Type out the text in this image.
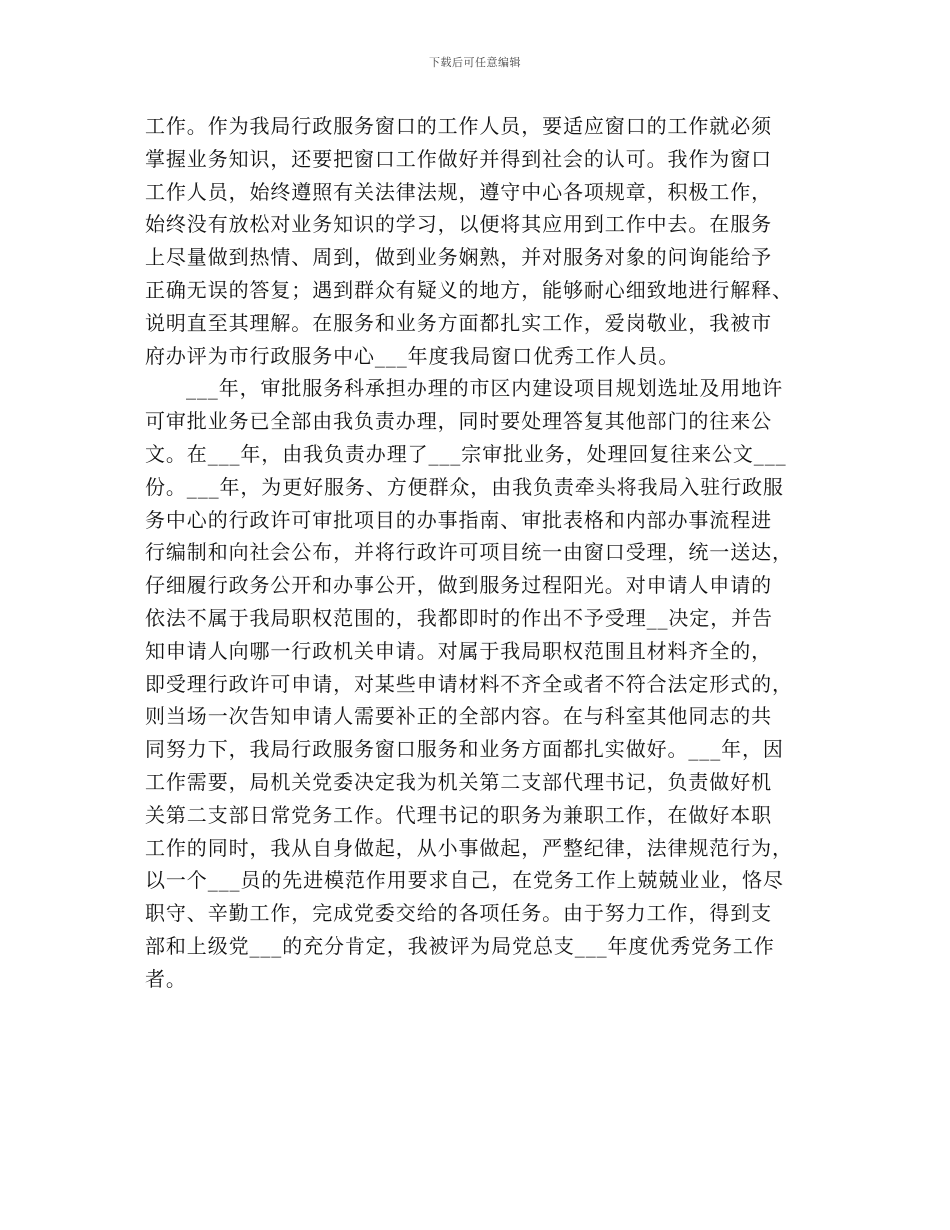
下载后可任意编辑
工作。作为我局行政服务窗口的工作人员，要适应窗口的工作就必须
掌握业务知识，还要把窗口工作做好并得到社会的认可。我作为窗口
工作人员，始终遵照有关法律法规，遵守中心各项规章，积极工作，
始终没有放松对业务知识的学习，以便将其应用到工作中去。在服务
上尽量做到热情、周到，做到业务娴熟，并对服务对象的问询能给予
正确无误的答复；遇到群众有疑义的地方，能够耐心细致地进行解释、
说明直至其理解。在服务和业务方面都扎实工作，爱岗敬业，我被市
府办评为市行政服务中心___年度我局窗口优秀工作人员。
___年，审批服务科承担办理的市区内建设项目规划选址及用地许
可审批业务已全部由我负责办理，同时要处理答复其他部门的往来公
文。在___年，由我负责办理了___宗审批业务，处理回复往来公文___
份。___年，为更好服务、方便群众，由我负责牵头将我局入驻行政服
务中心的行政许可审批项目的办事指南、审批表格和内部办事流程进
行编制和向社会公布，并将行政许可项目统一由窗口受理，统一送达，
仔细履行政务公开和办事公开，做到服务过程阳光。对申请人申请的
依法不属于我局职权范围的，我都即时的作出不予受理__决定，并告
知申请人向哪一行政机关申请。对属于我局职权范围且材料齐全的，
即受理行政许可申请，对某些申请材料不齐全或者不符合法定形式的，
则当场一次告知申请人需要补正的全部内容。在与科室其他同志的共
同努力下，我局行政服务窗口服务和业务方面都扎实做好。___年，因
工作需要，局机关党委决定我为机关第二支部代理书记，负责做好机
关第二支部日常党务工作。代理书记的职务为兼职工作，在做好本职
工作的同时，我从自身做起，从小事做起，严整纪律，法律规范行为，
以一个___员的先进模范作用要求自己，在党务工作上兢兢业业，恪尽
职守、辛勤工作，完成党委交给的各项任务。由于努力工作，得到支
部和上级党___的充分肯定，我被评为局党总支___年度优秀党务工作
者。
